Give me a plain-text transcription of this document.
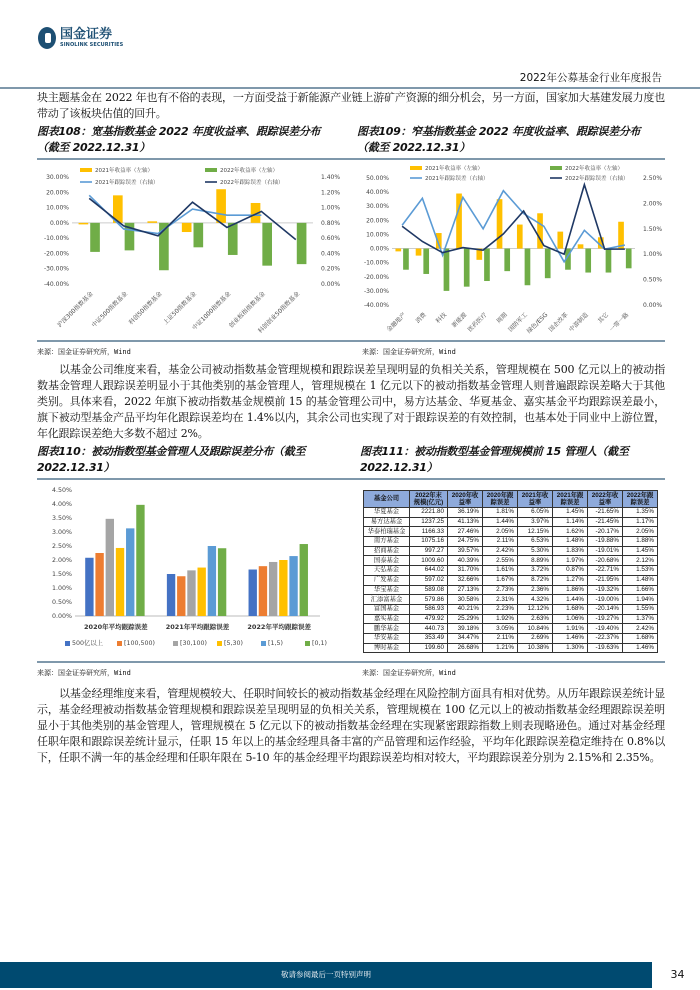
国金证券
SINOLINK SECURITIES
2022年公募基金行业年度报告
块主题基金在 2022 年也有不俗的表现，一方面受益于新能源产业链上游矿产资源的细分机会，另一方面，国家加大基建发展力度也带动了该板块估值的回升。
图表108：宽基指数基金 2022 年度收益率、跟踪误差分布
（截至 2022.12.31）
图表109：窄基指数基金 2022 年度收益率、跟踪误差分布
（截至 2022.12.31）
-40.00%
-30.00%
-20.00%
-10.00%
0.00%
10.00%
20.00%
30.00%
0.00%
0.20%
0.40%
0.60%
0.80%
1.00%
1.20%
1.40%
沪深300指数基金
中证500指数基金
科创50指数基金
上证50指数基金
中证1000指数基金
创业板指指数基金
科创创业50指数基金
2021年收益率（左轴）	2022年收益率（左轴）
2021年跟踪误差（右轴）	2022年跟踪误差（右轴）
-40.00%
-30.00%
-20.00%
-10.00%
0.00%
10.00%
20.00%
30.00%
40.00%
50.00%
0.00%
0.50%
1.00%
1.50%
2.00%
2.50%
金融地产 消费 科技 新能源
医药医疗 周期
国防军工
绿色/ESG
国企改革
中游制造 其它
一带一路
2021年收益率（左轴）	2022年收益率（左轴）
2021年跟踪误差（右轴）	2022年跟踪误差（右轴）
来源：国金证券研究所，Wind	来源：国金证券研究所，Wind
以基金公司维度来看，基金公司被动指数基金管理规模和跟踪误差呈现明显的负相关关系，管理规模在 500 亿元以上的被动指数基金管理人跟踪误差明显小于其他类别的基金管理人，管理规模在 1 亿元以下的被动指数基金管理人则普遍跟踪误差略大于其他类别。具体来看，2022 年旗下被动指数基金规模前 15 的基金管理公司中，易方达基金、华夏基金、嘉实基金平均跟踪误差最小，旗下被动型基金产品平均年化跟踪误差均在 1.4%以内，其余公司也实现了对于跟踪误差的有效控制，也基本处于同业中上游位置，年化跟踪误差绝大多数不超过 2%。
图表110：被动指数型基金管理人及跟踪误差分布（截至
2022.12.31）
图表111：被动指数型基金管理规模前 15 管理人（截至
2022.12.31）
0.00%
0.50%
1.00%
1.50%
2.00%
2.50%
3.00%
3.50%
4.00%
4.50%
2020年平均跟踪误差	2021年平均跟踪误差	2022年平均跟踪误差
500亿以上	[100,500)	[30,100)	[5,30)	[1,5)	[0,1)
基金公司	2022年末规模(亿元)	2020年收益率	2020年跟踪误差	2021年收益率	2021年跟踪误差	2022年收益率	2022年跟踪误差
华夏基金	2221.80	36.19%	1.81%	6.05%	1.45%	-21.65%	1.35%
易方达基金	1237.25	41.13%	1.44%	3.97%	1.14%	-21.45%	1.17%
华泰柏瑞基金	1166.33	27.46%	2.05%	12.15%	1.62%	-20.17%	2.05%
南方基金	1075.16	24.75%	2.11%	6.53%	1.48%	-19.88%	1.88%
招商基金	997.27	39.57%	2.42%	5.30%	1.83%	-19.01%	1.45%
国泰基金	1009.60	40.39%	2.55%	8.89%	1.97%	-20.68%	2.12%
天弘基金	644.02	31.70%	1.61%	3.72%	0.87%	-22.71%	1.53%
广发基金	597.02	32.66%	1.67%	8.72%	1.27%	-21.95%	1.48%
华宝基金	589.08	27.13%	2.73%	2.36%	1.86%	-19.32%	1.66%
汇添富基金	579.86	30.58%	2.31%	4.32%	1.44%	-19.00%	1.94%
富国基金	586.93	40.21%	2.23%	12.12%	1.68%	-20.14%	1.55%
嘉实基金	479.92	25.29%	1.92%	2.63%	1.06%	-19.27%	1.37%
鹏华基金	440.73	39.18%	3.05%	10.84%	1.91%	-19.40%	2.42%
华安基金	353.49	34.47%	2.11%	2.69%	1.46%	-22.37%	1.68%
博时基金	199.60	26.68%	1.21%	10.38%	1.30%	-19.63%	1.46%
来源：国金证券研究所，Wind	来源：国金证券研究所，Wind
以基金经理维度来看，管理规模较大、任职时间较长的被动指数基金经理在风险控制方面具有相对优势。从历年跟踪误差统计显示，基金经理被动指数基金管理规模和跟踪误差呈现明显的负相关关系，管理规模在 100 亿元以上的被动指数基金经理跟踪误差明显小于其他类别的基金管理人，管理规模在 5 亿元以下的被动指数基金经理在实现紧密跟踪指数上则表现略逊色。通过对基金经理任职年限和跟踪误差统计显示，任职 15 年以上的基金经理具备丰富的产品管理和运作经验，平均年化跟踪误差稳定维持在 0.8%以下，任职不满一年的基金经理和任职年限在 5-10 年的基金经理平均跟踪误差均相对较大，平均跟踪误差分别为 2.15%和 2.35%。
敬请参阅最后一页特别声明	34
